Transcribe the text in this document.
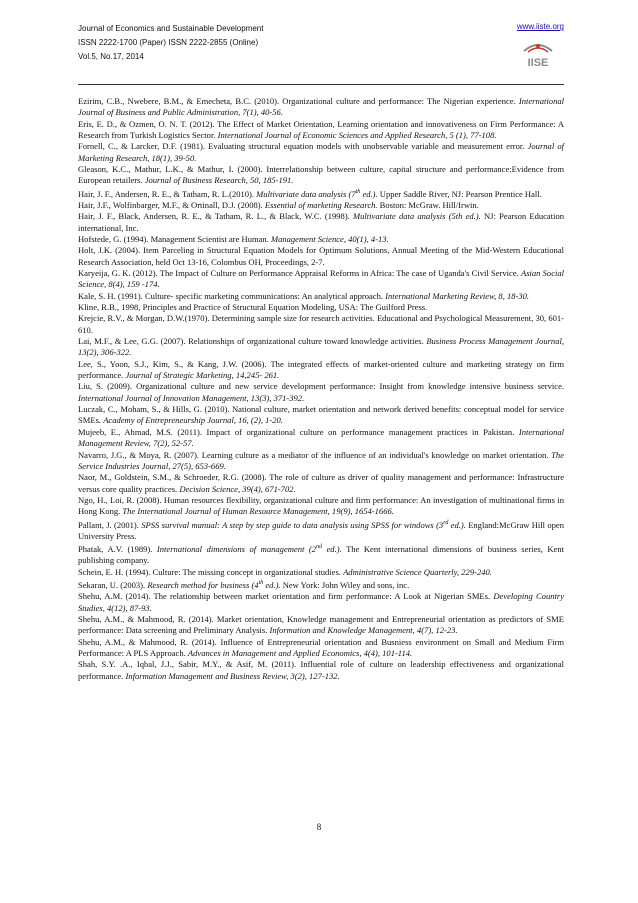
Journal of Economics and Sustainable Development
ISSN 2222-1700 (Paper) ISSN 2222-2855 (Online)
Vol.5, No.17, 2014
www.iiste.org
IISE

Ezirim, C.B., Nwebere, B.M., & Emecheta, B.C. (2010). Organizational culture and performance: The Nigerian experience. International Journal of Business and Public Administration, 7(1), 40-56.

Eris, E. D., & Ozmen, O. N. T. (2012). The Effect of Market Orientation, Learning orientation and innovativeness on Firm Performance: A Research from Turkish Logistics Sector. International Journal of Economic Sciences and Applied Research, 5 (1), 77-108.

Fornell, C., & Larcker, D.F. (1981). Evaluating structural equation models with unobservable variable and measurement error. Journal of Marketing Research, 18(1), 39-50.

Gleason, K.C., Mathur, L.K., & Mathur, I. (2000). Interrelationship between culture, capital structure and performance:Evidence from European retailers. Journal of Business Research, 50, 185-191.

Hair, J. F., Andersen, R. E., & Tatham, R. L.(2010). Multivariate data analysis (7th ed.). Upper Saddle River, NJ: Pearson Prentice Hall.

Hair, J.F., Wolfinbarger, M.F., & Ortinall, D.J. (2008). Essential of marketing Research. Boston: McGraw. Hill/Irwin.

Hair, J. F., Black, Andersen, R. E., & Tatham, R. L., & Black, W.C. (1998). Multivariate data analysis (5th ed.). NJ: Pearson Education international, Inc.

Hofstede, G. (1994). Management Scientist are Human. Management Science, 40(1), 4-13.

Holt, J.K. (2004). Item Parceling in Structural Equation Models for Optimum Solutions, Annual Meeting of the Mid-Western Educational Research Association, held Oct 13-16, Colombus OH, Proceedings, 2-7.

Karyeija, G. K. (2012). The Impact of Culture on Performance Appraisal Reforms in Africa: The case of Uganda's Civil Service. Asian Social Science, 8(4), 159 -174.

Kale, S. H. (1991). Culture- specific marketing communications: An analytical approach. International Marketing Review, 8, 18-30.

Kline, R.B., 1998, Principles and Practice of Structural Equation Modeling, USA: The Guilford Press.

Krejcie, R.V., & Morgan, D.W.(1970). Determining sample size for research activities. Educational and Psychological Measurement, 30, 601-610.

Lai, M.F., & Lee, G.G. (2007). Relationships of organizational culture toward knowledge activities. Business Process Management Journal, 13(2), 306-322.

Lee, S., Yoon, S.J., Kim, S., & Kang, J.W. (2006). The integrated effects of market-oriented culture and marketing strategy on firm performance. Journal of Strategic Marketing, 14,245- 261.

Liu, S. (2009). Organizational culture and new service development performance: Insight from knowledge intensive business service. International Journal of Innovation Management, 13(3), 371-392.

Luczak, C., Moham, S., & Hills, G. (2010). National culture, market orientation and network derived benefits: conceptual model for service SMEs. Academy of Entrepreneurship Journal, 16, (2), 1-20.

Mujeeb, E., Ahmad, M.S. (2011). Impact of organizational culture on performance management practices in Pakistan. International Management Review, 7(2), 52-57.

Navarro, J.G., & Moya, R. (2007). Learning culture as a mediator of the influence of an individual's knowledge on market orientation. The Service Industries Journal, 27(5), 653-669.

Naor, M., Goldstein, S.M., & Schroeder, R.G. (2008). The role of culture as driver of quality management and performance: Infrastructure versus core quality practices. Decision Science, 39(4), 671-702.

Ngo, H., Loi, R. (2008). Human resources flexibility, organizational culture and firm performance: An investigation of multinational firms in Hong Kong. The International Journal of Human Resource Management, 19(9), 1654-1666.

Pallant, J. (2001). SPSS survival manual: A step by step guide to data analysis using SPSS for windows (3rd ed.). England:McGraw Hill open University Press.

Phatak, A.V. (1989). International dimensions of management (2nd ed.). The Kent international dimensions of business series, Kent publishing company.

Schein, E. H. (1994). Culture: The missing concept in organizational studies. Administrative Science Quarterly, 229-240.

Sekaran, U. (2003). Research method for business (4th ed.). New York: John Wiley and sons, inc.

Shehu, A.M. (2014). The relationship between market orientation and firm performance: A Look at Nigerian SMEs. Developing Country Studies, 4(12), 87-93.

Shehu, A.M., & Mahmood, R. (2014). Market orientation, Knowledge management and Entrepreneurial orientation as predictors of SME performance: Data screening and Preliminary Analysis. Information and Knowledge Management, 4(7), 12-23.

Shehu, A.M., & Mahmood, R. (2014). Influence of Entrepreneurial orientation and Busniess environment on Small and Medium Firm Performance: A PLS Approach. Advances in Management and Applied Economics, 4(4), 101-114.

Shah, S.Y. .A., Iqbal, J.J., Sabir, M.Y., & Asif, M. (2011). Influential role of culture on leadership effectiveness and organizational performance. Information Management and Business Review, 3(2), 127-132.

8
